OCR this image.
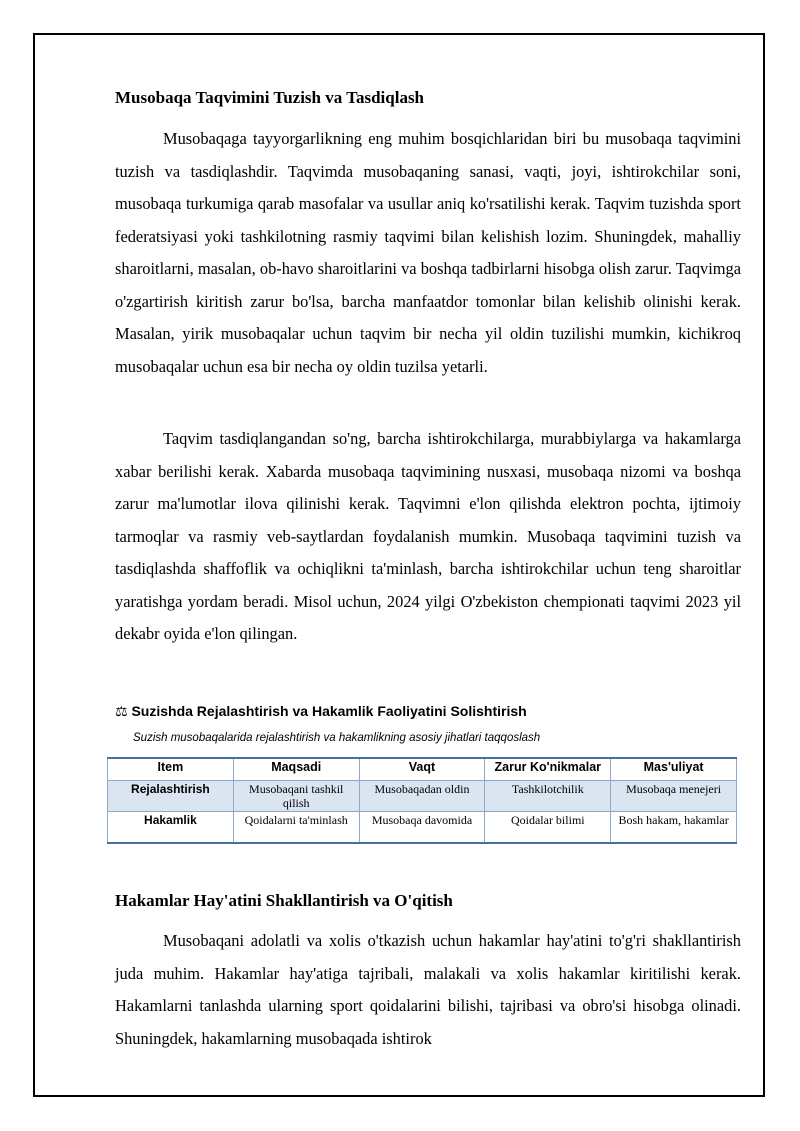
Musobaqa Taqvimini Tuzish va Tasdiqlash

Musobaqaga tayyorgarlikning eng muhim bosqichlaridan biri bu musobaqa taqvimini tuzish va tasdiqlashdir. Taqvimda musobaqaning sanasi, vaqti, joyi, ishtirokchilar soni, musobaqa turkumiga qarab masofalar va usullar aniq ko'rsatilishi kerak. Taqvim tuzishda sport federatsiyasi yoki tashkilotning rasmiy taqvimi bilan kelishish lozim. Shuningdek, mahalliy sharoitlarni, masalan, ob-havo sharoitlarini va boshqa tadbirlarni hisobga olish zarur. Taqvimga o'zgartirish kiritish zarur bo'lsa, barcha manfaatdor tomonlar bilan kelishib olinishi kerak. Masalan, yirik musobaqalar uchun taqvim bir necha yil oldin tuzilishi mumkin, kichikroq musobaqalar uchun esa bir necha oy oldin tuzilsa yetarli.

Taqvim tasdiqlangandan so'ng, barcha ishtirokchilarga, murabbiylarga va hakamlarga xabar berilishi kerak. Xabarda musobaqa taqvimining nusxasi, musobaqa nizomi va boshqa zarur ma'lumotlar ilova qilinishi kerak. Taqvimni e'lon qilishda elektron pochta, ijtimoiy tarmoqlar va rasmiy veb-saytlardan foydalanish mumkin. Musobaqa taqvimini tuzish va tasdiqlashda shaffoflik va ochiqlikni ta'minlash, barcha ishtirokchilar uchun teng sharoitlar yaratishga yordam beradi. Misol uchun, 2024 yilgi O'zbekiston chempionati taqvimi 2023 yil dekabr oyida e'lon qilingan.

⚖ Suzishda Rejalashtirish va Hakamlik Faoliyatini Solishtirish
Suzish musobaqalarida rejalashtirish va hakamlikning asosiy jihatlari taqqoslash
Item	Maqsadi	Vaqt	Zarur Ko'nikmalar	Mas'uliyat
Rejalashtirish	Musobaqani tashkil qilish	Musobaqadan oldin	Tashkilotchilik	Musobaqa menejeri
Hakamlik	Qoidalarni ta'minlash	Musobaqa davomida	Qoidalar bilimi	Bosh hakam, hakamlar
Hakamlar Hay'atini Shakllantirish va O'qitish

Musobaqani adolatli va xolis o'tkazish uchun hakamlar hay'atini to'g'ri shakllantirish juda muhim. Hakamlar hay'atiga tajribali, malakali va xolis hakamlar kiritilishi kerak. Hakamlarni tanlashda ularning sport qoidalarini bilishi, tajribasi va obro'si hisobga olinadi. Shuningdek, hakamlarning musobaqada ishtirok
